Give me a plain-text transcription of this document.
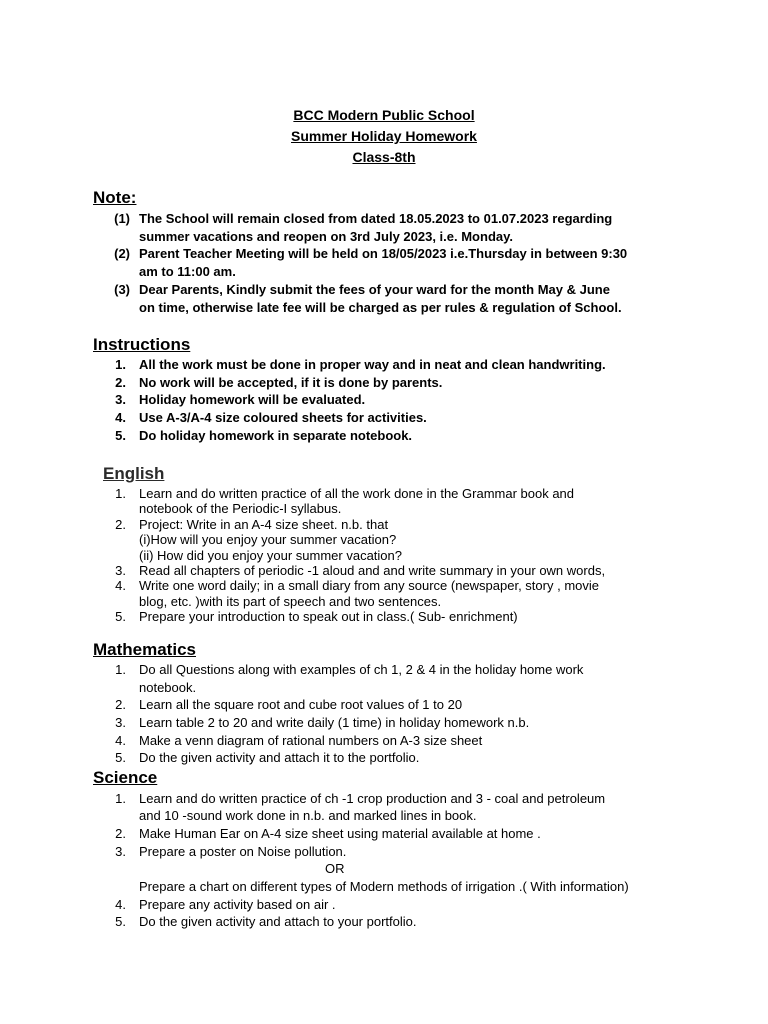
BCC Modern Public School
Summer Holiday Homework
Class-8th
Note:
(1) The School will remain closed from dated 18.05.2023 to 01.07.2023 regarding
summer vacations and reopen on 3rd July 2023, i.e. Monday.
(2) Parent Teacher Meeting will be held on 18/05/2023 i.e.Thursday in between 9:30
am to 11:00 am.
(3) Dear Parents, Kindly submit the fees of your ward for the month May & June
on time, otherwise late fee will be charged as per rules & regulation of School.
Instructions
1. All the work must be done in proper way and in neat and clean handwriting.
2. No work will be accepted, if it is done by parents.
3. Holiday homework will be evaluated.
4. Use A-3/A-4 size coloured sheets for activities.
5. Do holiday homework in separate notebook.
English
1. Learn and do written practice of all the work done in the Grammar book and
notebook of the Periodic-I syllabus.
2. Project: Write in an A-4 size sheet. n.b. that
(i)How will you enjoy your summer vacation?
(ii) How did you enjoy your summer vacation?
3. Read all chapters of periodic -1 aloud and and write summary in your own words,
4. Write one word daily; in a small diary from any source (newspaper, story , movie
blog, etc. )with its part of speech and two sentences.
5. Prepare your introduction to speak out in class.( Sub- enrichment)
Mathematics
1. Do all Questions along with examples of ch 1, 2 & 4 in the holiday home work
notebook.
2. Learn all the square root and cube root values of 1 to 20
3. Learn table 2 to 20 and write daily (1 time) in holiday homework n.b.
4. Make a venn diagram of rational numbers on A-3 size sheet
5. Do the given activity and attach it to the portfolio.
Science
1. Learn and do written practice of ch -1 crop production and 3 - coal and petroleum
and 10 -sound work done in n.b. and marked lines in book.
2. Make Human Ear on A-4 size sheet using material available at home .
3. Prepare a poster on Noise pollution.
OR
Prepare a chart on different types of Modern methods of irrigation .( With information)
4. Prepare any activity based on air .
5. Do the given activity and attach to your portfolio.
